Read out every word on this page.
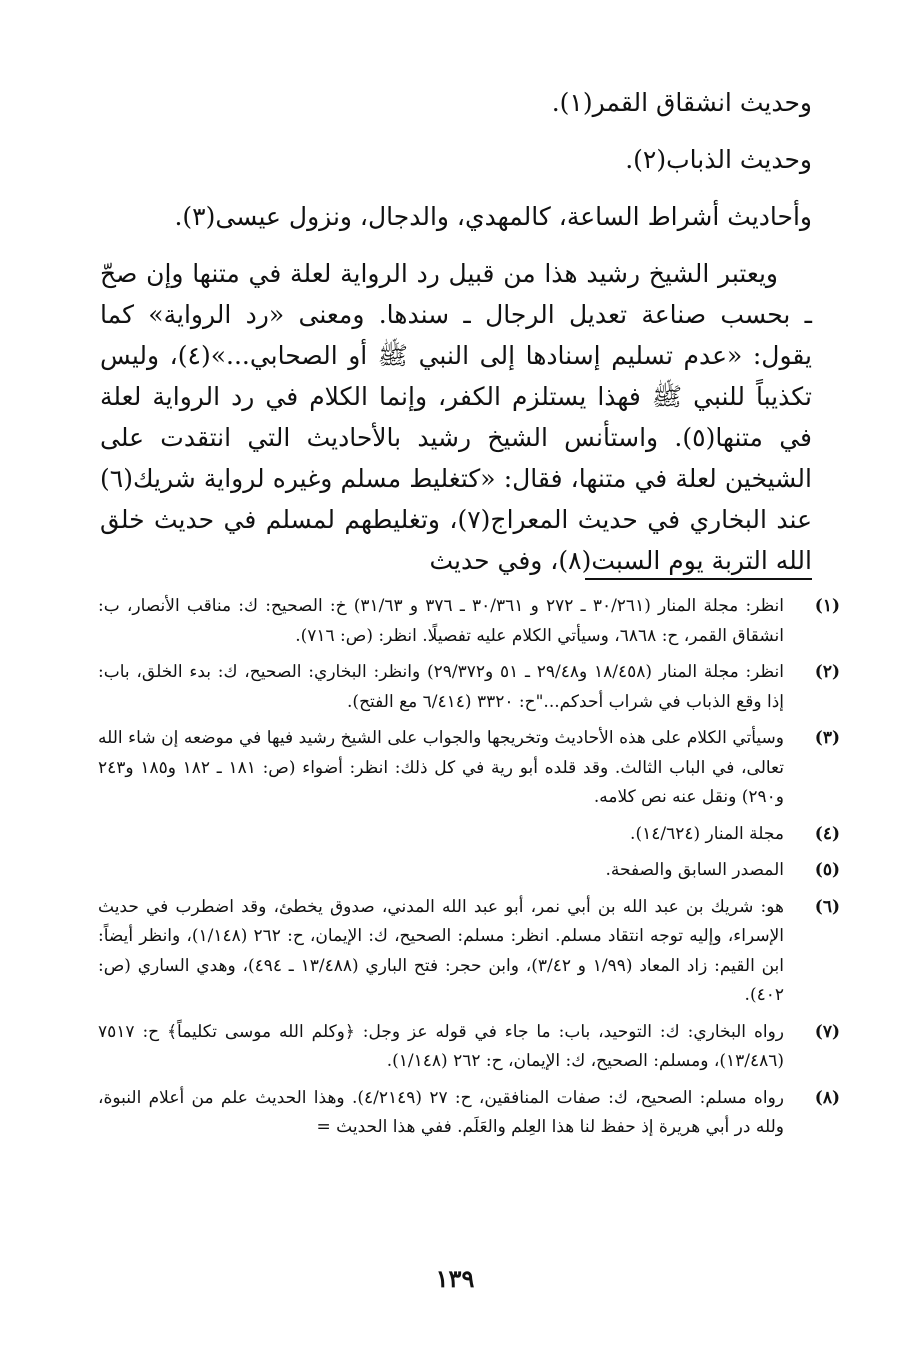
وحديث انشقاق القمر(١).

وحديث الذباب(٢).

وأحاديث أشراط الساعة، كالمهدي، والدجال، ونزول عيسى(٣).

ويعتبر الشيخ رشيد هذا من قبيل رد الرواية لعلة في متنها وإن صحّ ـ بحسب صناعة تعديل الرجال ـ سندها. ومعنى «رد الرواية» كما يقول: «عدم تسليم إسنادها إلى النبي ﷺ أو الصحابي...»(٤)، وليس تكذيباً للنبي ﷺ فهذا يستلزم الكفر، وإنما الكلام في رد الرواية لعلة في متنها(٥). واستأنس الشيخ رشيد بالأحاديث التي انتقدت على الشيخين لعلة في متنها، فقال: «كتغليط مسلم وغيره لرواية شريك(٦) عند البخاري في حديث المعراج(٧)، وتغليطهم لمسلم في حديث خلق الله التربة يوم السبت(٨)، وفي حديث

(١)
انظر: مجلة المنار (٣٠/٢٦١ ـ ٢٧٢ و ٣٠/٣٦١ ـ ٣٧٦ و ٣١/٦٣) خ: الصحيح: ك: مناقب الأنصار، ب: انشقاق القمر، ح: ٦٨٦٨، وسيأتي الكلام عليه تفصيلًا. انظر: (ص: ٧١٦).
(٢)
انظر: مجلة المنار (١٨/٤٥٨ و٢٩/٤٨ ـ ٥١ و٢٩/٣٧٢) وانظر: البخاري: الصحيح، ك: بدء الخلق، باب: إذا وقع الذباب في شراب أحدكم..."ح: ٣٣٢٠ (٦/٤١٤ مع الفتح).
(٣)
وسيأتي الكلام على هذه الأحاديث وتخريجها والجواب على الشيخ رشيد فيها في موضعه إن شاء الله تعالى، في الباب الثالث. وقد قلده أبو رية في كل ذلك: انظر: أضواء (ص: ١٨١ ـ ١٨٢ و١٨٥ و٢٤٣ و٢٩٠) ونقل عنه نص كلامه.
(٤)
مجلة المنار (١٤/٦٢٤).
(٥)
المصدر السابق والصفحة.
(٦)
هو: شريك بن عبد الله بن أبي نمر، أبو عبد الله المدني، صدوق يخطئ، وقد اضطرب في حديث الإسراء، وإليه توجه انتقاد مسلم. انظر: مسلم: الصحيح، ك: الإيمان، ح: ٢٦٢ (١/١٤٨)، وانظر أيضاً: ابن القيم: زاد المعاد (١/٩٩ و ٣/٤٢)، وابن حجر: فتح الباري (١٣/٤٨٨ ـ ٤٩٤)، وهدي الساري (ص: ٤٠٢).
(٧)
رواه البخاري: ك: التوحيد، باب: ما جاء في قوله عز وجل: ﴿وكلم الله موسى تكليماً﴾ ح: ٧٥١٧ (١٣/٤٨٦)، ومسلم: الصحيح، ك: الإيمان، ح: ٢٦٢ (١/١٤٨).
(٨)
رواه مسلم: الصحيح، ك: صفات المنافقين، ح: ٢٧ (٤/٢١٤٩). وهذا الحديث علم من أعلام النبوة، ولله در أبي هريرة إذ حفظ لنا هذا العِلم والعَلَم. ففي هذا الحديث =
١٣٩
